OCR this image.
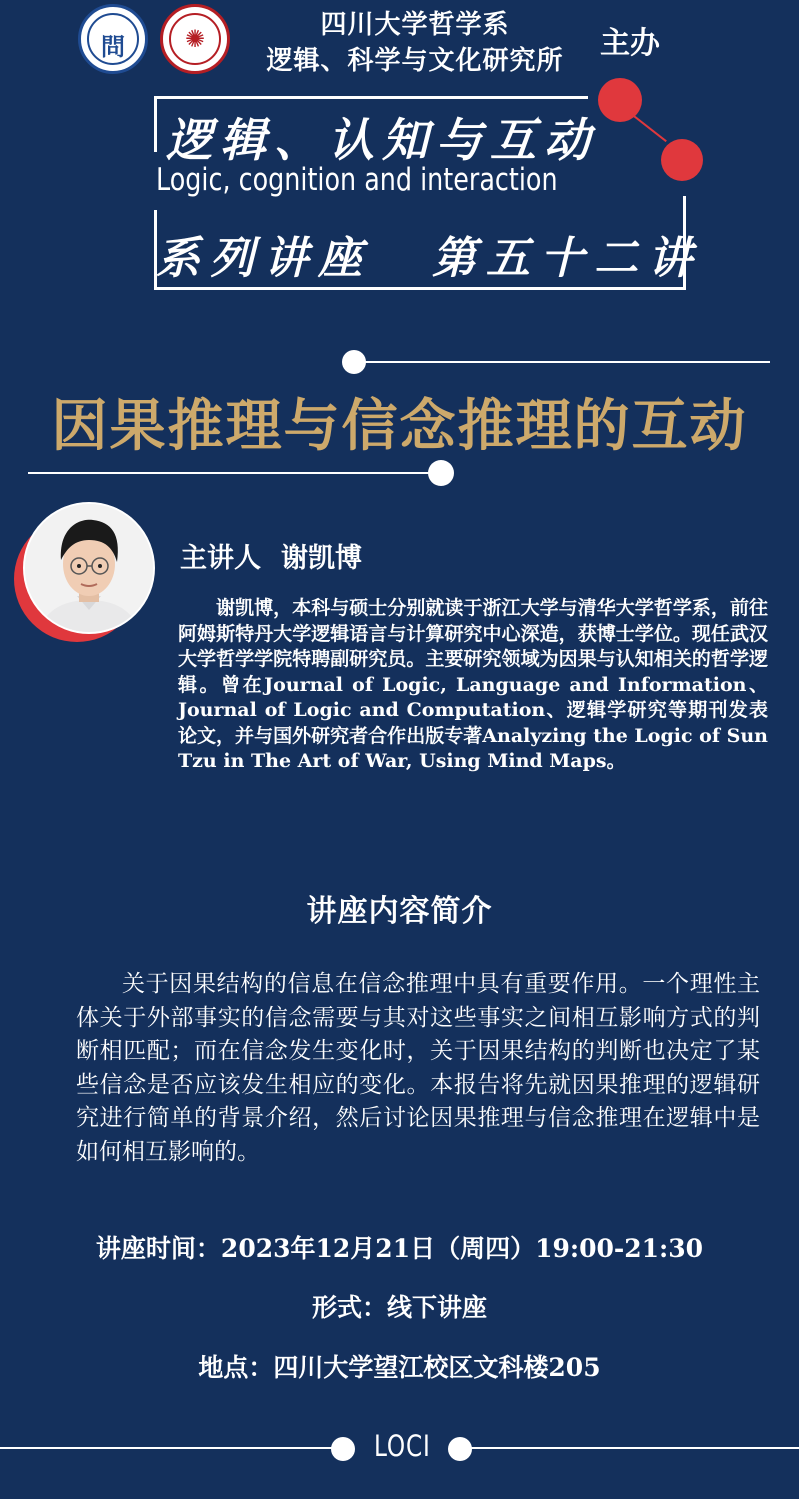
問	✺	四川大学哲学系
逻辑、科学与文化研究所	主办
逻辑、认知与互动
Logic, cognition and interaction
系列讲座 第五十二讲
因果推理与信念推理的互动
主讲人 谢凯博
谢凯博，本科与硕士分别就读于浙江大学与清华大学哲学系，前往阿姆斯特丹大学逻辑语言与计算研究中心深造，获博士学位。现任武汉大学哲学学院特聘副研究员。主要研究领域为因果与认知相关的哲学逻辑。曾在Journal of Logic, Language and Information、Journal of Logic and Computation、逻辑学研究等期刊发表论文，并与国外研究者合作出版专著Analyzing the Logic of Sun Tzu in The Art of War, Using Mind Maps。
讲座内容简介
关于因果结构的信息在信念推理中具有重要作用。一个理性主体关于外部事实的信念需要与其对这些事实之间相互影响方式的判断相匹配；而在信念发生变化时，关于因果结构的判断也决定了某些信念是否应该发生相应的变化。本报告将先就因果推理的逻辑研究进行简单的背景介绍，然后讨论因果推理与信念推理在逻辑中是如何相互影响的。
讲座时间：2023年12月21日（周四）19:00-21:30
形式：线下讲座
地点：四川大学望江校区文科楼205
LOCI
